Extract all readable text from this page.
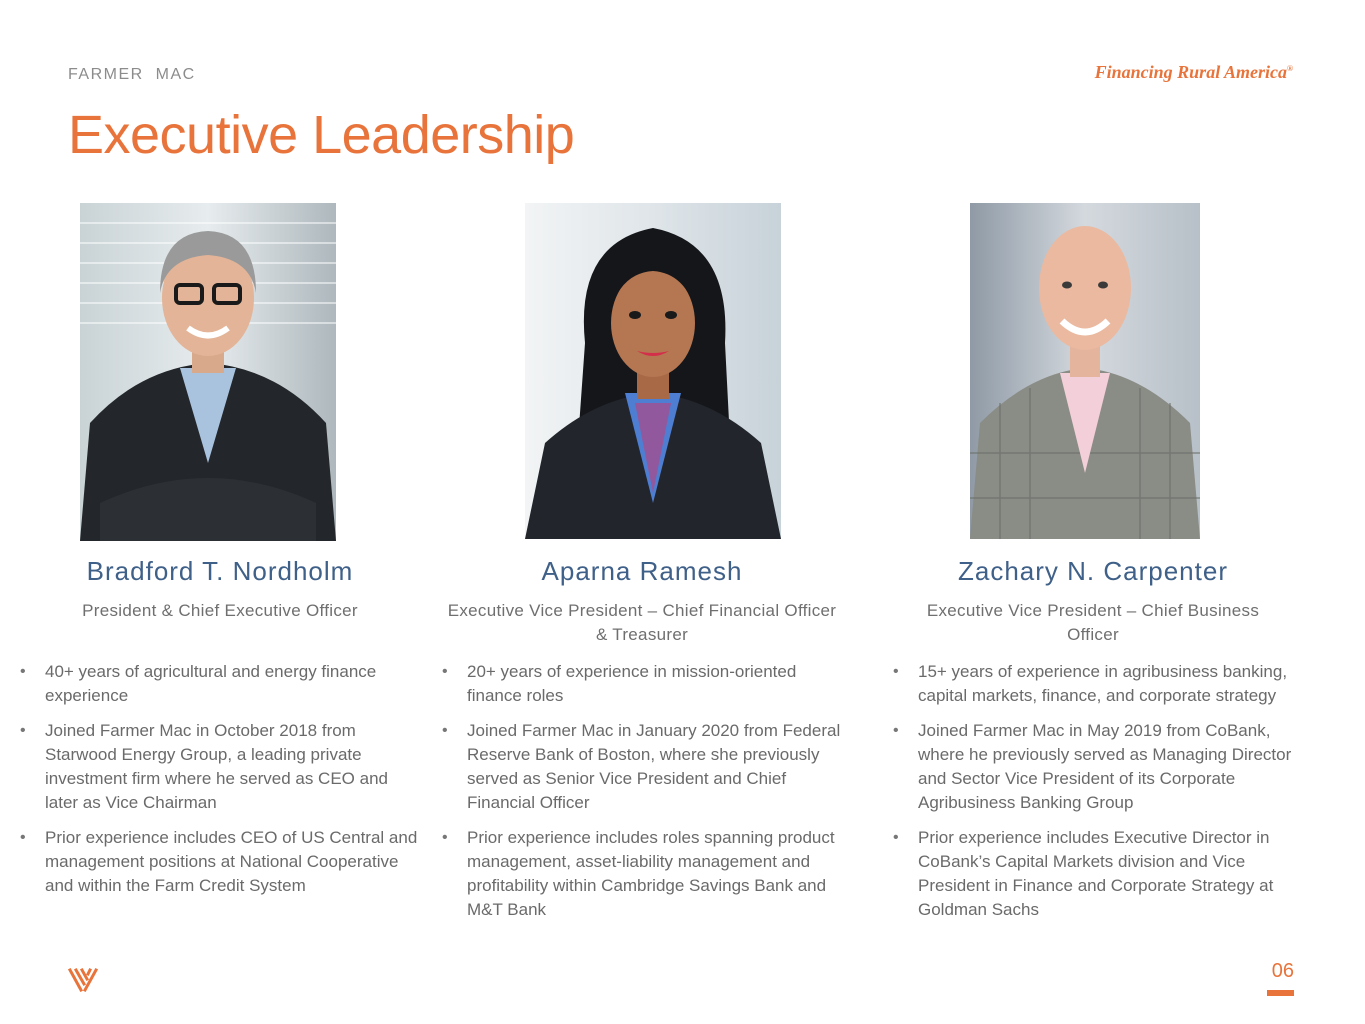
FARMER MAC	Financing Rural America®
Executive Leadership
Bradford T. Nordholm
President & Chief Executive Officer
• 40+ years of agricultural and energy finance experience
• Joined Farmer Mac in October 2018 from Starwood Energy Group, a leading private investment firm where he served as CEO and later as Vice Chairman
• Prior experience includes CEO of US Central and management positions at National Cooperative and within the Farm Credit System
Aparna Ramesh
Executive Vice President – Chief Financial Officer & Treasurer
• 20+ years of experience in mission-oriented finance roles
• Joined Farmer Mac in January 2020 from Federal Reserve Bank of Boston, where she previously served as Senior Vice President and Chief Financial Officer
• Prior experience includes roles spanning product management, asset-liability management and profitability within Cambridge Savings Bank and M&T Bank
Zachary N. Carpenter
Executive Vice President – Chief Business Officer
• 15+ years of experience in agribusiness banking, capital markets, finance, and corporate strategy
• Joined Farmer Mac in May 2019 from CoBank, where he previously served as Managing Director and Sector Vice President of its Corporate Agribusiness Banking Group
• Prior experience includes Executive Director in CoBank’s Capital Markets division and Vice President in Finance and Corporate Strategy at Goldman Sachs
06
